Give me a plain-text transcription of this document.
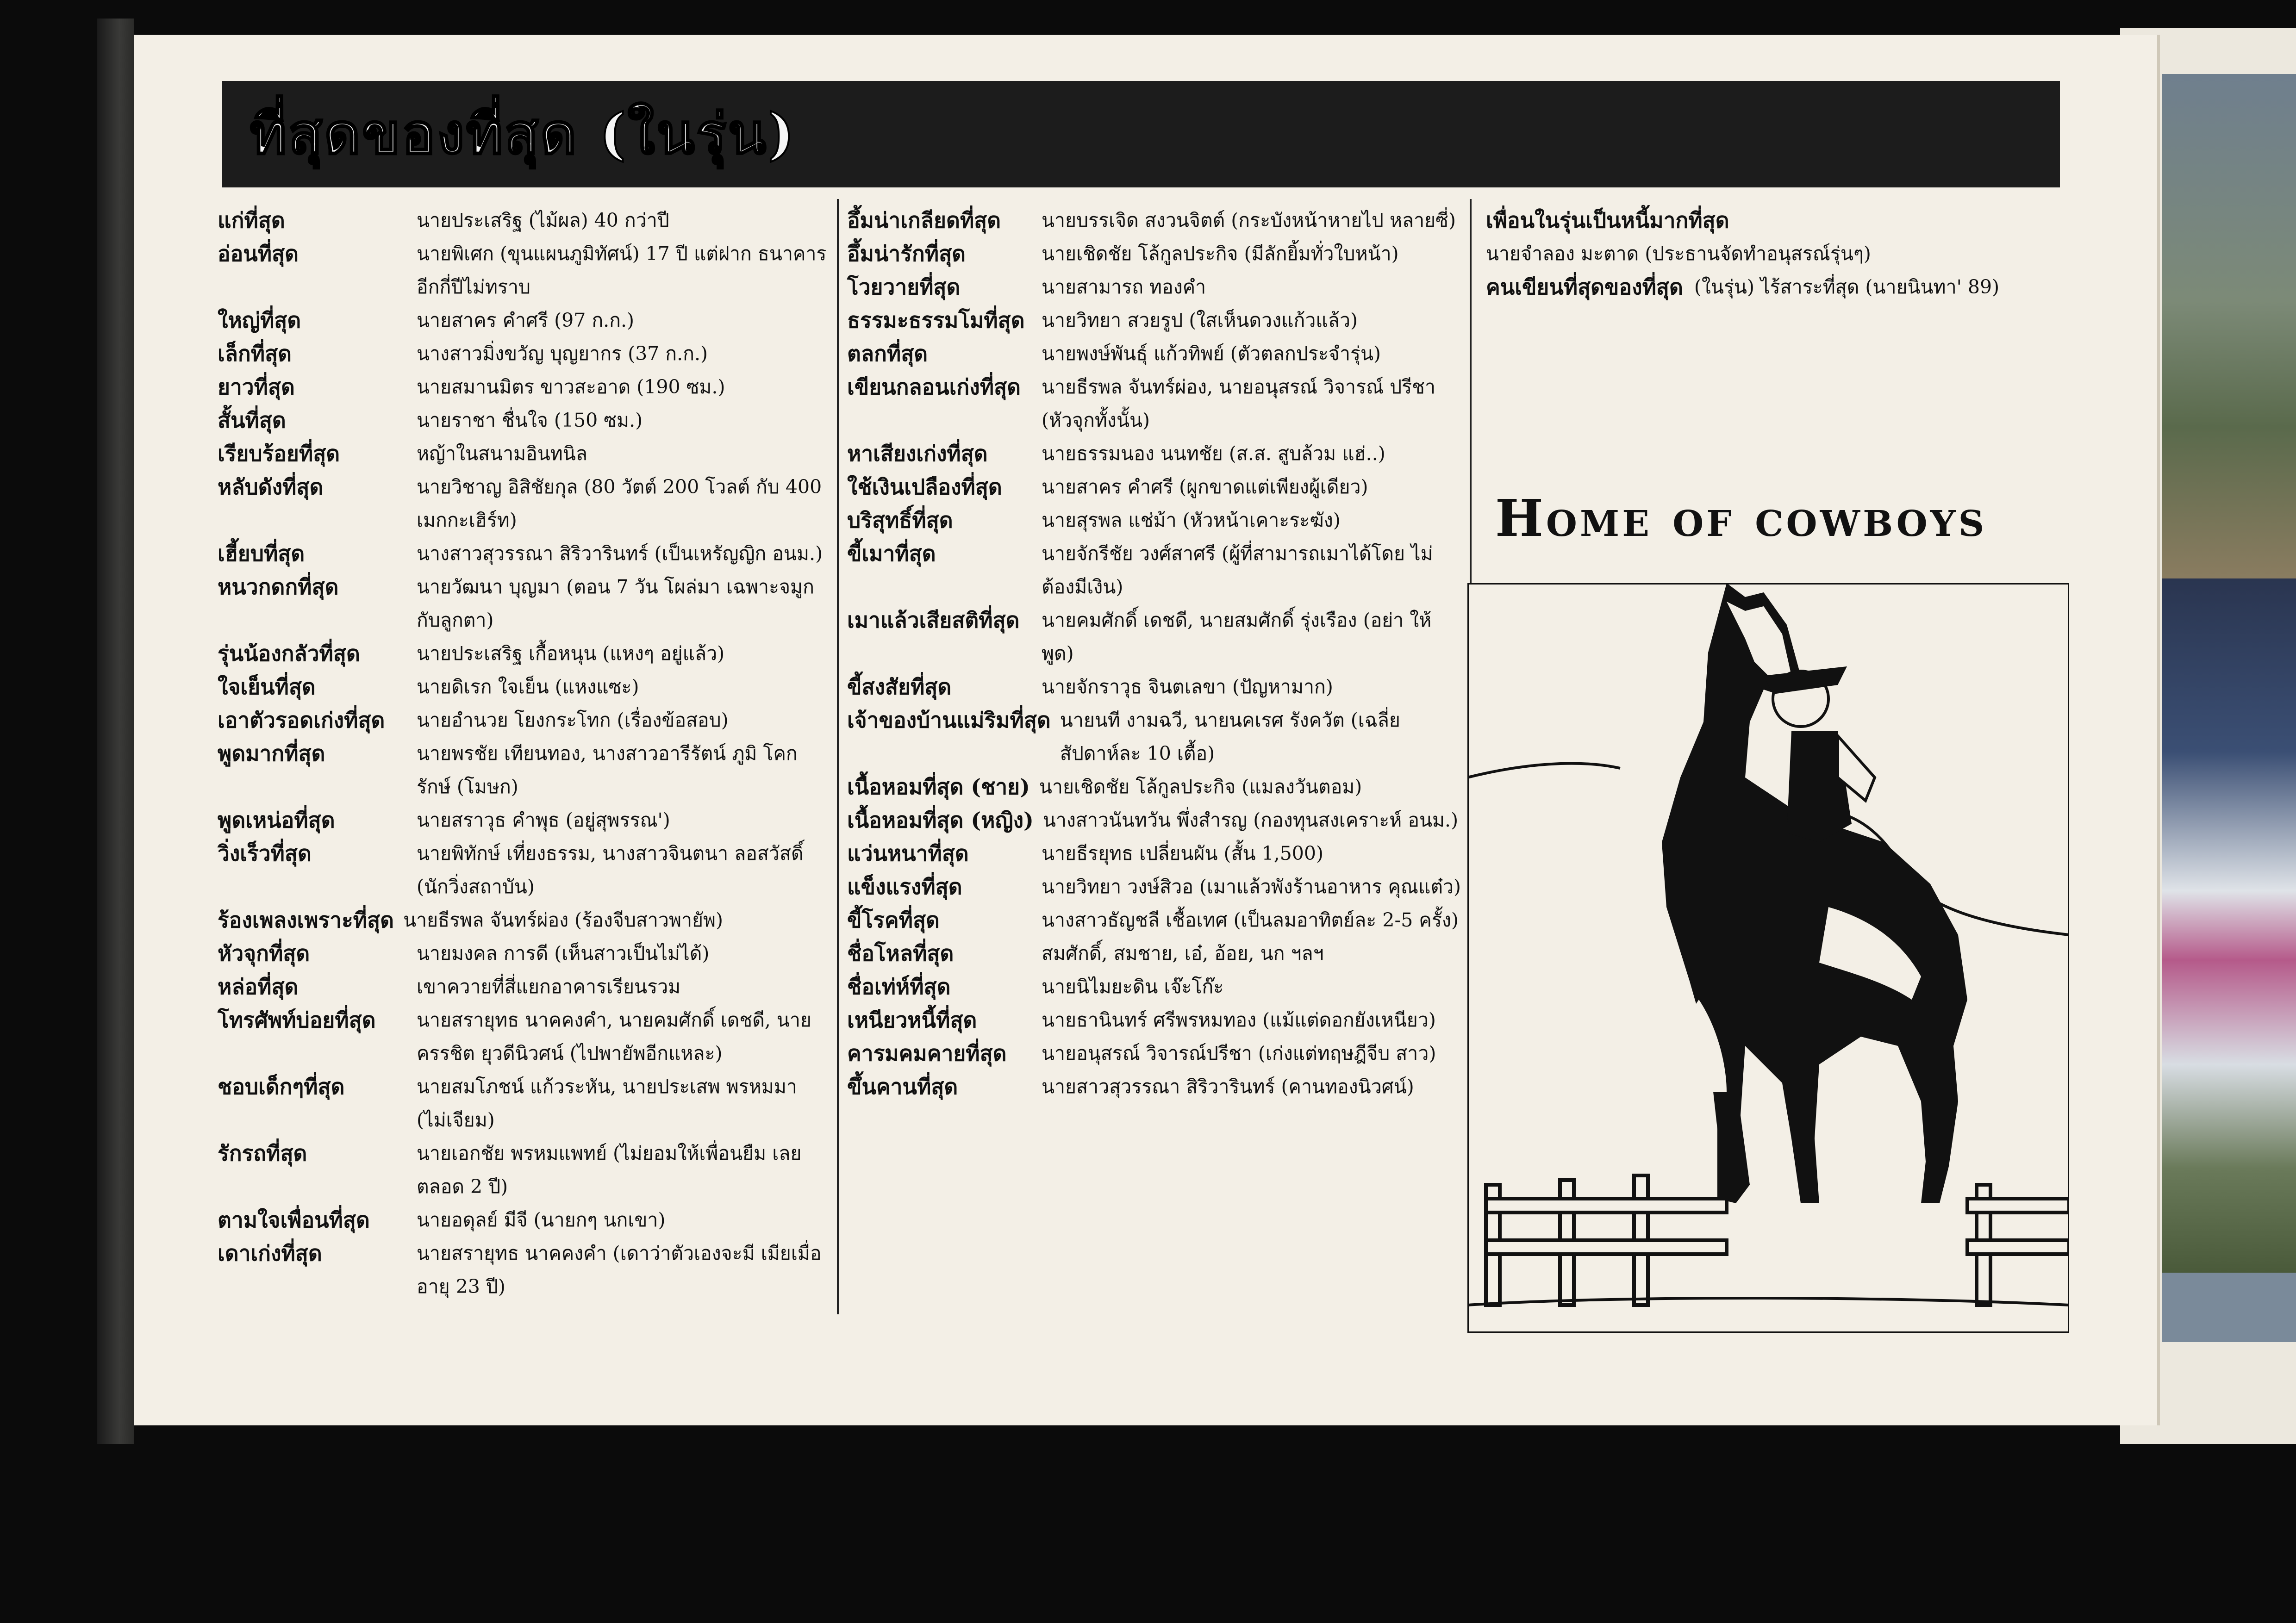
ที่สุดของที่สุด (ในรุ่น)
แก่ที่สุด	นายประเสริฐ (ไม้ผล) 40 กว่าปี
อ่อนที่สุด	นายพิเศก (ขุนแผนภูมิทัศน์) 17 ปี แต่ฝาก ธนาคารอีกกี่ปีไม่ทราบ
ใหญ่ที่สุด	นายสาคร คำศรี (97 ก.ก.)
เล็กที่สุด	นางสาวมิ่งขวัญ บุญยากร (37 ก.ก.)
ยาวที่สุด	นายสมานมิตร ขาวสะอาด (190 ซม.)
สั้นที่สุด	นายราชา ชื่นใจ (150 ซม.)
เรียบร้อยที่สุด	หญ้าในสนามอินทนิล
หลับดังที่สุด	นายวิชาญ อิสิชัยกุล (80 วัตต์ 200 โวลต์ กับ 400 เมกกะเฮิร์ท)
เฮี้ยบที่สุด	นางสาวสุวรรณา สิริวารินทร์ (เป็นเหรัญญิก อนม.)
หนวกดกที่สุด	นายวัฒนา บุญมา (ตอน 7 วัน โผล่มา เฉพาะจมูกกับลูกตา)
รุ่นน้องกลัวที่สุด	นายประเสริฐ เกื้อหนุน (แหงๆ อยู่แล้ว)
ใจเย็นที่สุด	นายดิเรก ใจเย็น (แหงแซะ)
เอาตัวรอดเก่งที่สุด	นายอำนวย โยงกระโทก (เรื่องข้อสอบ)
พูดมากที่สุด	นายพรชัย เทียนทอง, นางสาวอารีรัตน์ ภูมิ โคกรักษ์ (โมษก)
พูดเหน่อที่สุด	นายสราวุธ คำพุธ (อยู่สุพรรณ')
วิ่งเร็วที่สุด	นายพิทักษ์ เที่ยงธรรม, นางสาวจินตนา ลอสวัสดิ์ (นักวิ่งสถาบัน)
ร้องเพลงเพราะที่สุด นายธีรพล จันทร์ผ่อง (ร้องจีบสาวพายัพ)
หัวจุกที่สุด	นายมงคล การดี (เห็นสาวเป็นไม่ได้)
หล่อที่สุด	เขาควายที่สี่แยกอาคารเรียนรวม
โทรศัพท์บ่อยที่สุด	นายสรายุทธ นาคคงคำ, นายคมศักดิ์ เดชดี, นายครรชิต ยุวดีนิวศน์ (ไปพายัพอีกแหละ)
ชอบเด็กๆที่สุด	นายสมโภชน์ แก้วระหัน, นายประเสพ พรหมมา (ไม่เจียม)
รักรถที่สุด	นายเอกชัย พรหมแพทย์ (ไม่ยอมให้เพื่อนยืม เลยตลอด 2 ปี)
ตามใจเพื่อนที่สุด	นายอดุลย์ มีจี (นายกๆ นกเขา)
เดาเก่งที่สุด	นายสรายุทธ นาคคงคำ (เดาว่าตัวเองจะมี เมียเมื่ออายุ 23 ปี)
อึ้มน่าเกลียดที่สุด	นายบรรเจิด สงวนจิตต์ (กระบังหน้าหายไป หลายซี่)
อึ้มน่ารักที่สุด	นายเชิดชัย โล้กูลประกิจ (มีลักยิ้มทั่วใบหน้า)
โวยวายที่สุด	นายสามารถ ทองคำ
ธรรมะธรรมโมที่สุด นายวิทยา สวยรูป (ใสเห็นดวงแก้วแล้ว)
ตลกที่สุด	นายพงษ์พันธุ์ แก้วทิพย์ (ตัวตลกประจำรุ่น)
เขียนกลอนเก่งที่สุด	นายธีรพล จันทร์ผ่อง, นายอนุสรณ์ วิจารณ์ ปรีชา (หัวจุกทั้งนั้น)
หาเสียงเก่งที่สุด	นายธรรมนอง นนทชัย (ส.ส. สูบล้วม แฮ่..)
ใช้เงินเปลืองที่สุด	นายสาคร คำศรี (ผูกขาดแต่เพียงผู้เดียว)
บริสุทธิ์ที่สุด	นายสุรพล แช่ม้า (หัวหน้าเคาะระฆัง)
ขี้เมาที่สุด	นายจักรีชัย วงศ์สาศรี (ผู้ที่สามารถเมาได้โดย ไม่ต้องมีเงิน)
เมาแล้วเสียสติที่สุด	นายคมศักดิ์ เดชดี, นายสมศักดิ์ รุ่งเรือง (อย่า ให้พูด)
ขี้สงสัยที่สุด	นายจักราวุธ จินตเลขา (ปัญหามาก)
เจ้าของบ้านแม่ริมที่สุด นายนที งามฉวี, นายนคเรศ รังควัต (เฉลี่ย สัปดาห์ละ 10 เตื้อ)
เนื้อหอมที่สุด (ชาย) นายเชิดชัย โล้กูลประกิจ (แมลงวันตอม)
เนื้อหอมที่สุด (หญิง) นางสาวนันทวัน พึ่งสำรญ (กองทุนสงเคราะห์ อนม.)
แว่นหนาที่สุด	นายธีรยุทธ เปลี่ยนผัน (สั้น 1,500)
แข็งแรงที่สุด	นายวิทยา วงษ์สิวอ (เมาแล้วพังร้านอาหาร คุณแต๋ว)
ขี้โรคที่สุด	นางสาวธัญชลี เชื้อเทศ (เป็นลมอาทิตย์ละ 2-5 ครั้ง)
ชื่อโหลที่สุด	สมศักดิ์, สมชาย, เอ๋, อ้อย, นก ฯลฯ
ชื่อเท่ห์ที่สุด	นายนิไมยะดิน เจ๊ะโก๊ะ
เหนียวหนี้ที่สุด	นายธานินทร์ ศรีพรหมทอง (แม้แต่ดอกยังเหนียว)
คารมคมคายที่สุด	นายอนุสรณ์ วิจารณ์ปรีชา (เก่งแต่ทฤษฎีจีบ สาว)
ขึ้นคานที่สุด	นายสาวสุวรรณา สิริวารินทร์ (คานทองนิวศน์)
เพื่อนในรุ่นเป็นหนี้มากที่สุด
นายจำลอง มะตาด (ประธานจัดทำอนุสรณ์รุ่นๆ)
คนเขียนที่สุดของที่สุด (ในรุ่น) ไร้สาระที่สุด (นายนินทา' 89)
Home of cowboys
